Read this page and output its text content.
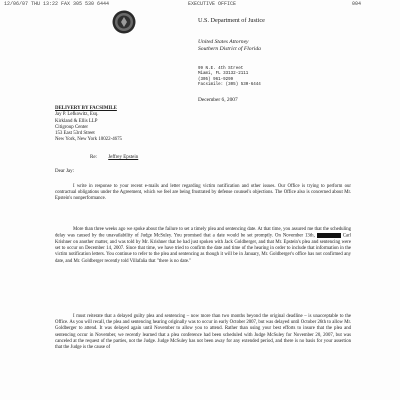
12/06/07 THU 13:22 FAX 305 530 6444	EXECUTIVE OFFICE	004
U.S. Department of Justice
United States Attorney
Southern District of Florida
99 N.E. 4th Street
Miami, FL 33132-2111
(305) 961-9299
Facsimile: (305) 530-6444
December 6, 2007
DELIVERY BY FACSIMILE
Jay P. Lefkowitz, Esq.
Kirkland & Ellis LLP
Citigroup Center
153 East 53rd Street
New York, New York 10022-4675
Re: Jeffrey Epstein
Dear Jay:
I write in response to your recent e-mails and letter regarding victim notification and other issues. Our Office is trying to perform our contractual obligations under the Agreement, which we feel are being frustrated by defense counsel's objections. The Office also is concerned about Mr. Epstein's nonperformance.
More than three weeks ago we spoke about the failure to set a timely plea and sentencing date. At that time, you assured me that the scheduling delay was caused by the unavailability of Judge McSuley. You promised that a date would be set promptly. On November 13th,	Carl Krishner on another matter, and was told by Mr. Krishner that he had just spoken with Jack Goldberger, and that Mr. Epstein's plea and sentencing were set to occur on December 14, 2007. Since that time, we have tried to confirm the date and time of the hearing in order to include that information in the victim notification letters. You continue to refer to the plea and sentencing as though it will be in January, Mr. Goldberger's office has not confirmed any date, and Mr. Goldberger recently told Villafaña that "there is no date."
I must reiterate that a delayed guilty plea and sentencing – now more than two months beyond the original deadline – is unacceptable to the Office. As you will recall, the plea and sentencing hearing originally was to occur in early October 2007, but was delayed until October 26th to allow Mr. Goldberger to attend. It was delayed again until November to allow you to attend. Rather than using your best efforts to insure that the plea and sentencing occur in November, we recently learned that a plea conference had been scheduled with Judge McSuley for November 20, 2007, but was canceled at the request of the parties, not the Judge. Judge McSuley has not been away for any extended period, and there is no basis for your assertion that the Judge is the cause of
